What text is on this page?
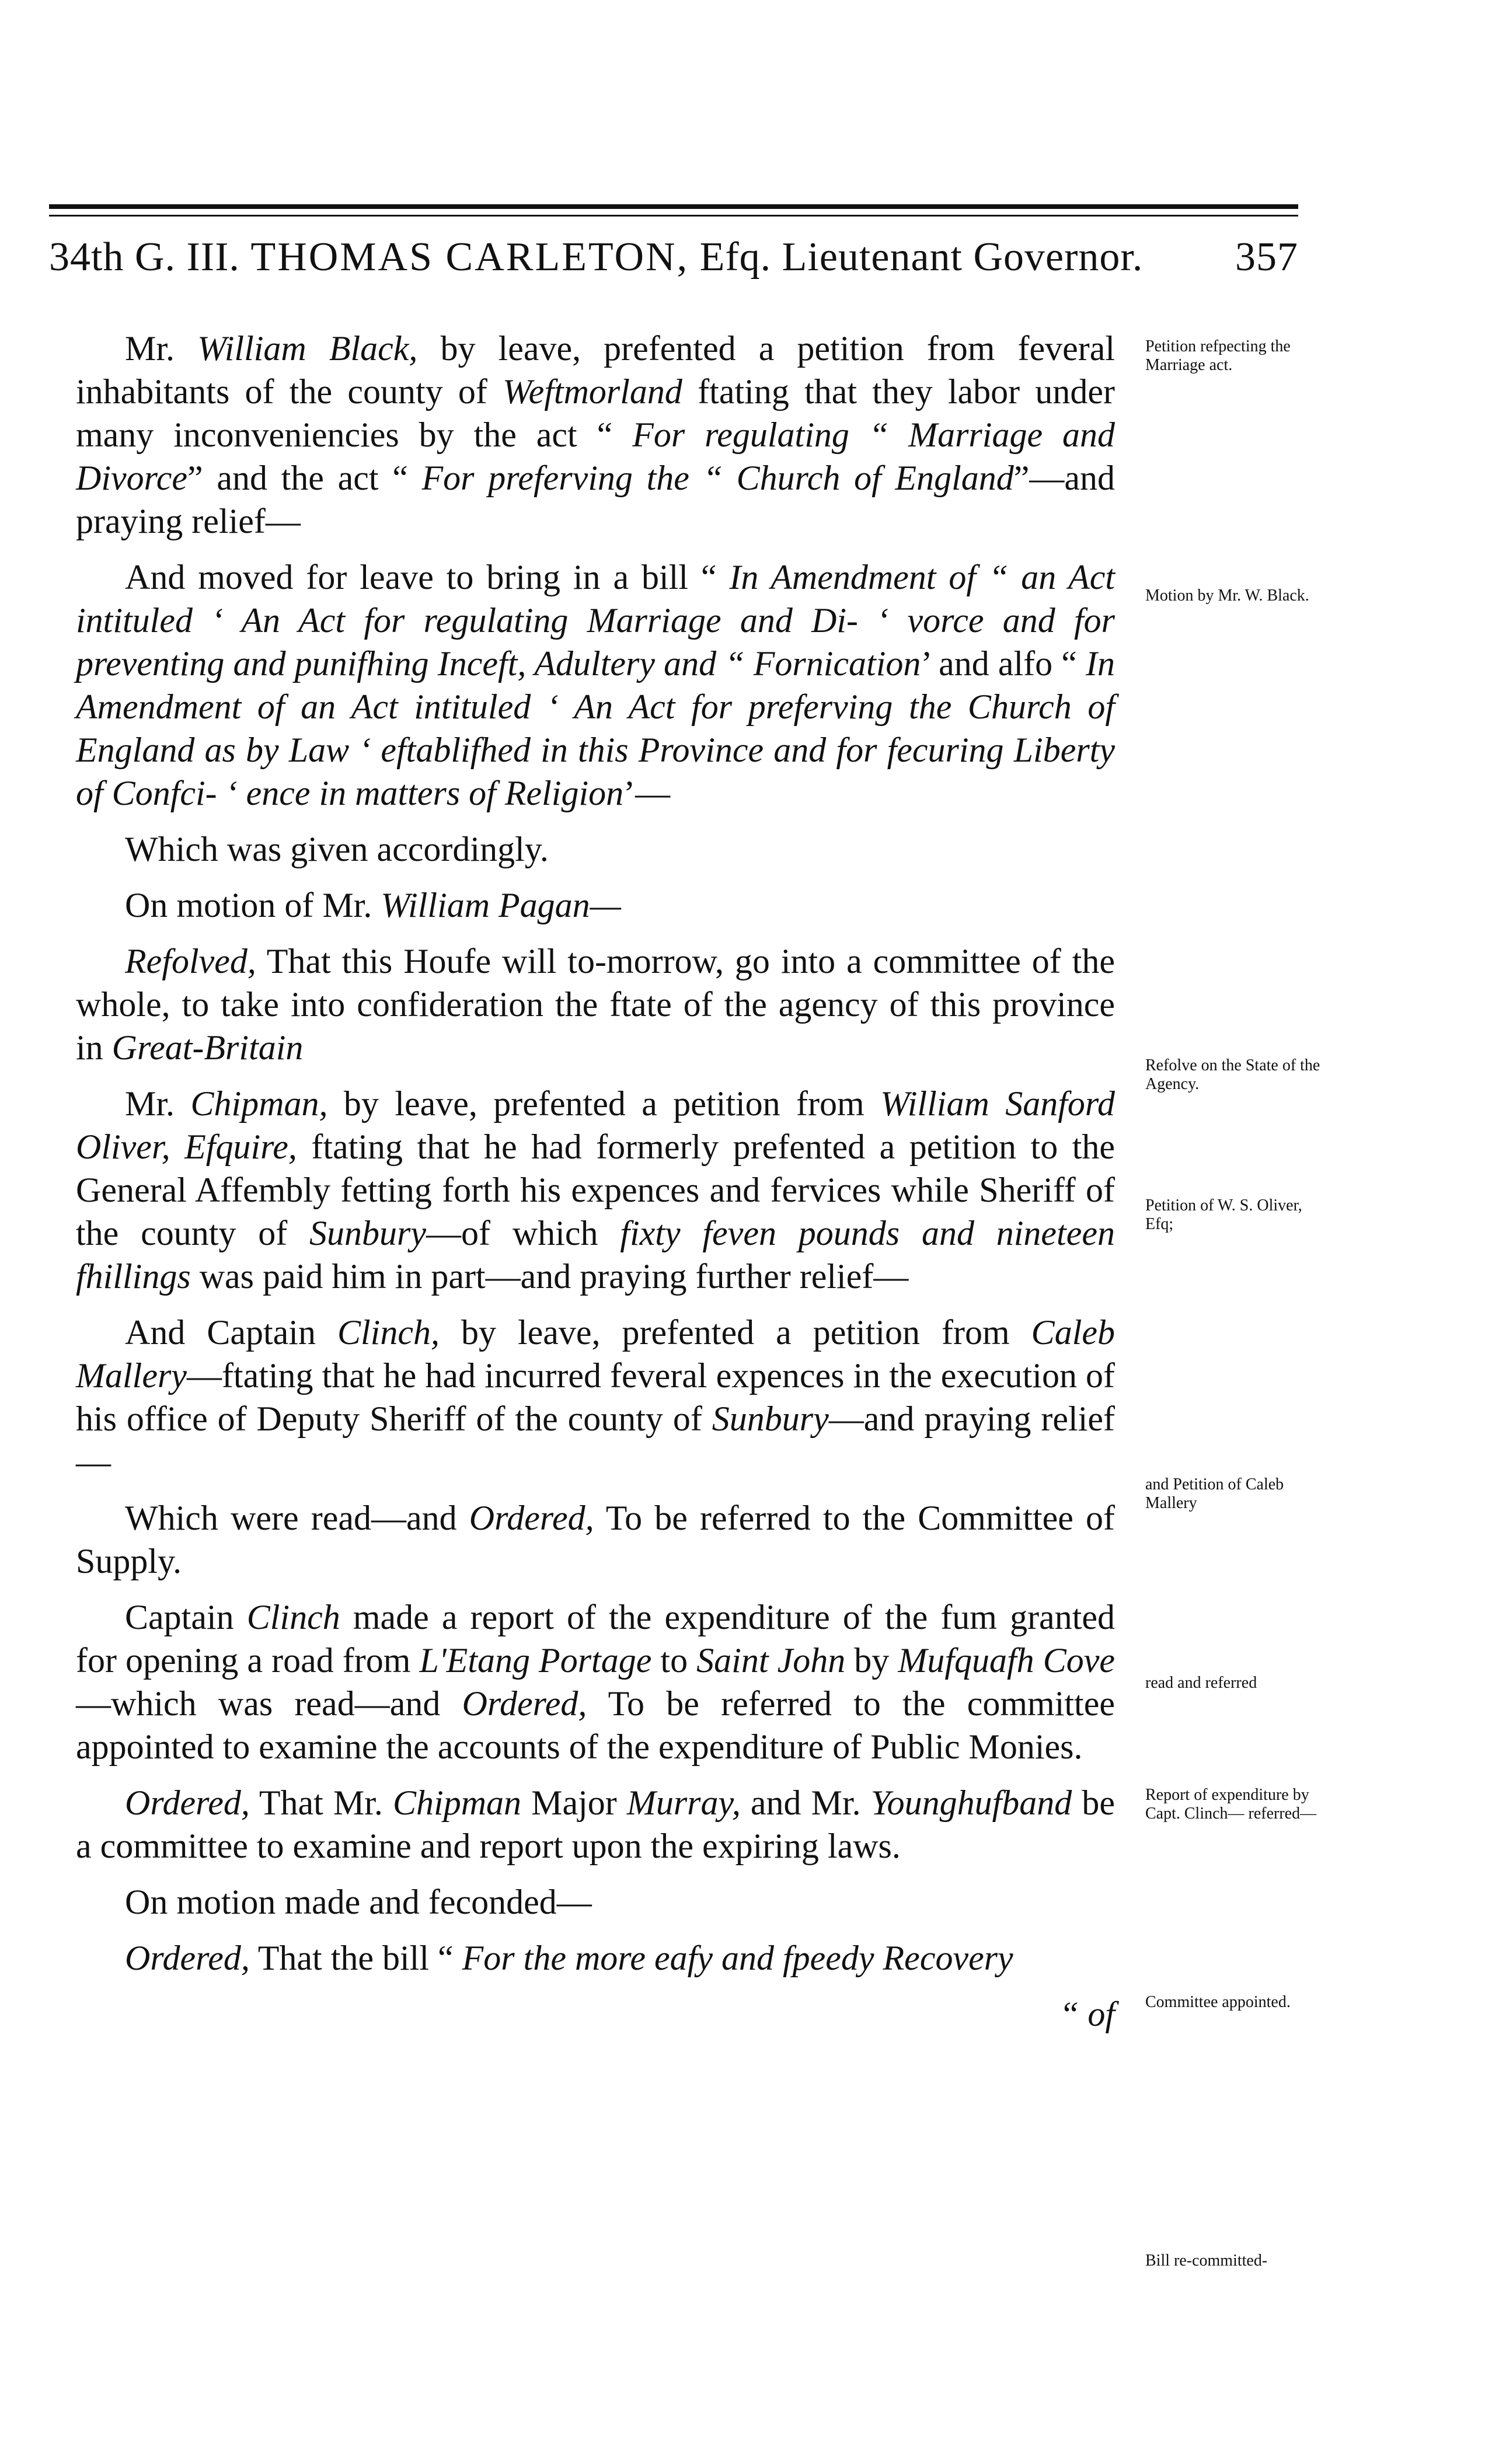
34th G. III. THOMAS CARLETON, Efq. Lieutenant Governor. 357

Mr. William Black, by leave, prefented a petition from feveral inhabitants of the county of Weftmorland ftating that they labor under many inconveniencies by the act “ For regulating “ Marriage and Divorce” and the act “ For preferving the “ Church of England”—and praying relief—

And moved for leave to bring in a bill “ In Amendment of “ an Act intituled ‘ An Act for regulating Marriage and Di- ‘ vorce and for preventing and punifhing Inceft, Adultery and “ Fornication’ and alfo “ In Amendment of an Act intituled ‘ An Act for preferving the Church of England as by Law ‘ eftablifhed in this Province and for fecuring Liberty of Confci- ‘ ence in matters of Religion’—

Which was given accordingly.

On motion of Mr. William Pagan—

Refolved, That this Houfe will to-morrow, go into a committee of the whole, to take into confideration the ftate of the agency of this province in Great-Britain

Mr. Chipman, by leave, prefented a petition from William Sanford Oliver, Efquire, ftating that he had formerly prefented a petition to the General Affembly fetting forth his expences and fervices while Sheriff of the county of Sunbury—of which fixty feven pounds and nineteen fhillings was paid him in part—and praying further relief—

And Captain Clinch, by leave, prefented a petition from Caleb Mallery—ftating that he had incurred feveral expences in the execution of his office of Deputy Sheriff of the county of Sunbury—and praying relief—

Which were read—and Ordered, To be referred to the Committee of Supply.

Captain Clinch made a report of the expenditure of the fum granted for opening a road from L'Etang Portage to Saint John by Mufquafh Cove—which was read—and Ordered, To be referred to the committee appointed to examine the accounts of the expenditure of Public Monies.

Ordered, That Mr. Chipman Major Murray, and Mr. Younghufband be a committee to examine and report upon the expiring laws.

On motion made and feconded—

Ordered, That the bill “ For the more eafy and fpeedy Recovery

“ of

Petition refpecting the Marriage act.
Motion by Mr. W. Black.
Refolve on the State of the Agency.
Petition of W. S. Oliver, Efq;
and Petition of Caleb Mallery
read and referred
Report of expenditure by Capt. Clinch— referred—
Committee appointed.
Bill re-committed-
